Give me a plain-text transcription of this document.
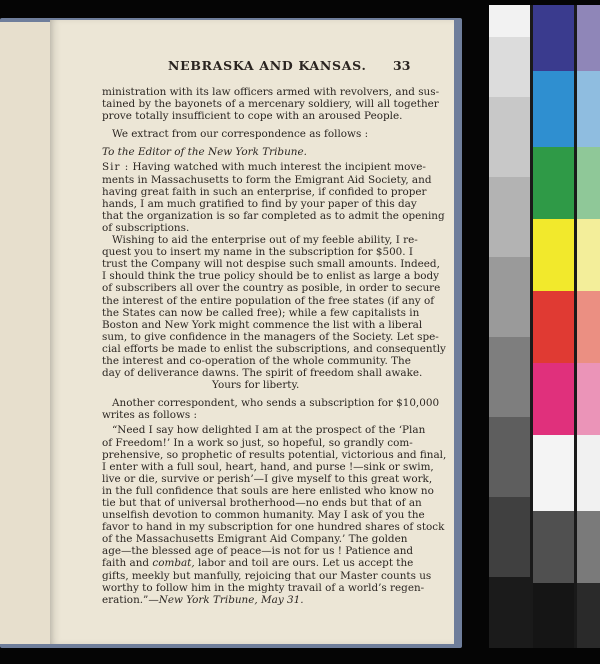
NEBRASKA AND KANSAS. 33
ministration with its law officers armed with revolvers, and sus-
tained by the bayonets of a mercenary soldiery, will all together
prove totally insufficient to cope with an aroused People.
We extract from our correspondence as follows :
To the Editor of the New York Tribune.
Sir : Having watched with much interest the incipient move-
ments in Massachusetts to form the Emigrant Aid Society, and
having great faith in such an enterprise, if confided to proper
hands, I am much gratified to find by your paper of this day
that the organization is so far completed as to admit the opening
of subscriptions.
Wishing to aid the enterprise out of my feeble ability, I re-
quest you to insert my name in the subscription for $500. I
trust the Company will not despise such small amounts. Indeed,
I should think the true policy should be to enlist as large a body
of subscribers all over the country as posible, in order to secure
the interest of the entire population of the free states (if any of
the States can now be called free); while a few capitalists in
Boston and New York might commence the list with a liberal
sum, to give confidence in the managers of the Society. Let spe-
cial efforts be made to enlist the subscriptions, and consequently
the interest and co-operation of the whole community. The
day of deliverance dawns. The spirit of freedom shall awake.
Yours for liberty.
Another correspondent, who sends a subscription for $10,000
writes as follows :
“Need I say how delighted I am at the prospect of the ‘Plan
of Freedom!’ In a work so just, so hopeful, so grandly com-
prehensive, so prophetic of results potential, victorious and final,
I enter with a full soul, heart, hand, and purse !—sink or swim,
live or die, survive or perish’—I give myself to this great work,
in the full confidence that souls are here enlisted who know no
tie but that of universal brotherhood—no ends but that of an
unselfish devotion to common humanity. May I ask of you the
favor to hand in my subscription for one hundred shares of stock
of the Massachusetts Emigrant Aid Company.’ The golden
age—the blessed age of peace—is not for us ! Patience and
faith and combat, labor and toil are ours. Let us accept the
gifts, meekly but manfully, rejoicing that our Master counts us
worthy to follow him in the mighty travail of a world’s regen-
eration.”—New York Tribune, May 31.
